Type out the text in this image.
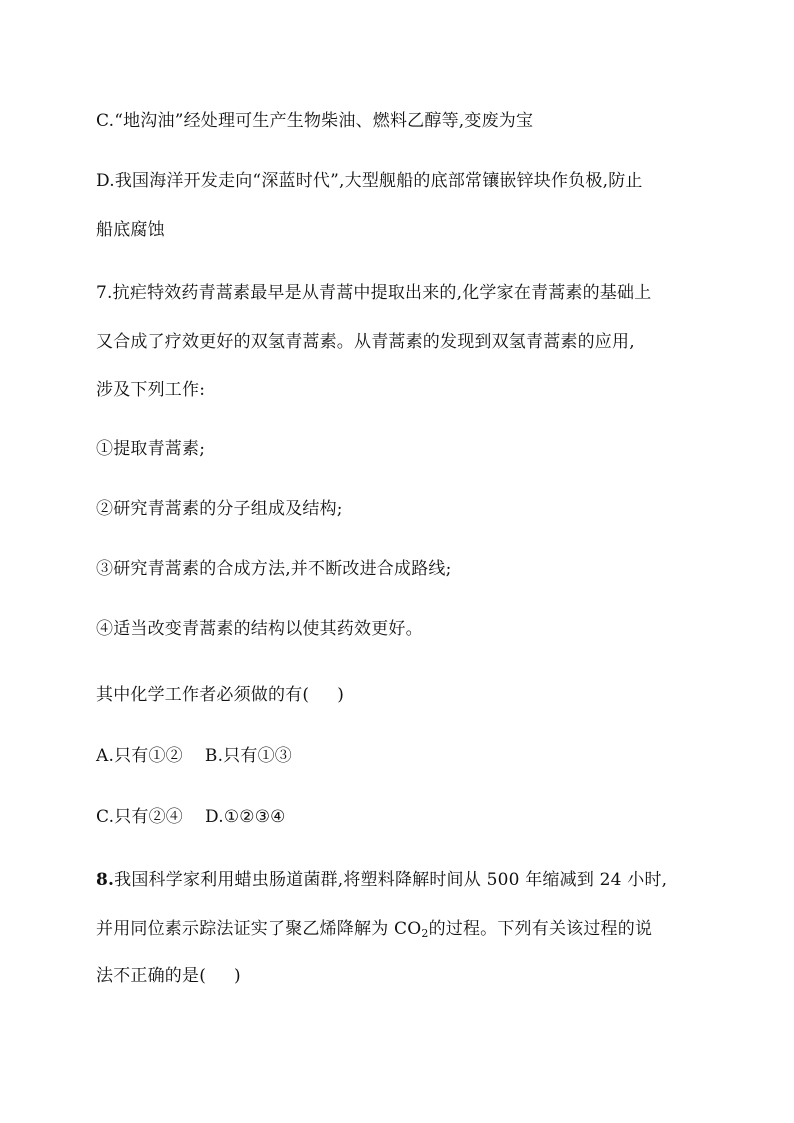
C.“地沟油”经处理可生产生物柴油、燃料乙醇等,变废为宝
D.我国海洋开发走向“深蓝时代”,大型舰船的底部常镶嵌锌块作负极,防止
船底腐蚀
7.抗疟特效药青蒿素最早是从青蒿中提取出来的,化学家在青蒿素的基础上
又合成了疗效更好的双氢青蒿素。从青蒿素的发现到双氢青蒿素的应用,
涉及下列工作:
①提取青蒿素;
②研究青蒿素的分子组成及结构;
③研究青蒿素的合成方法,并不断改进合成路线;
④适当改变青蒿素的结构以使其药效更好。
其中化学工作者必须做的有( )
A.只有①② B.只有①③
C.只有②④ D.①②③④
8.我国科学家利用蜡虫肠道菌群,将塑料降解时间从 500 年缩减到 24 小时,
并用同位素示踪法证实了聚乙烯降解为 $CO_2$的过程。下列有关该过程的说
法不正确的是( )
